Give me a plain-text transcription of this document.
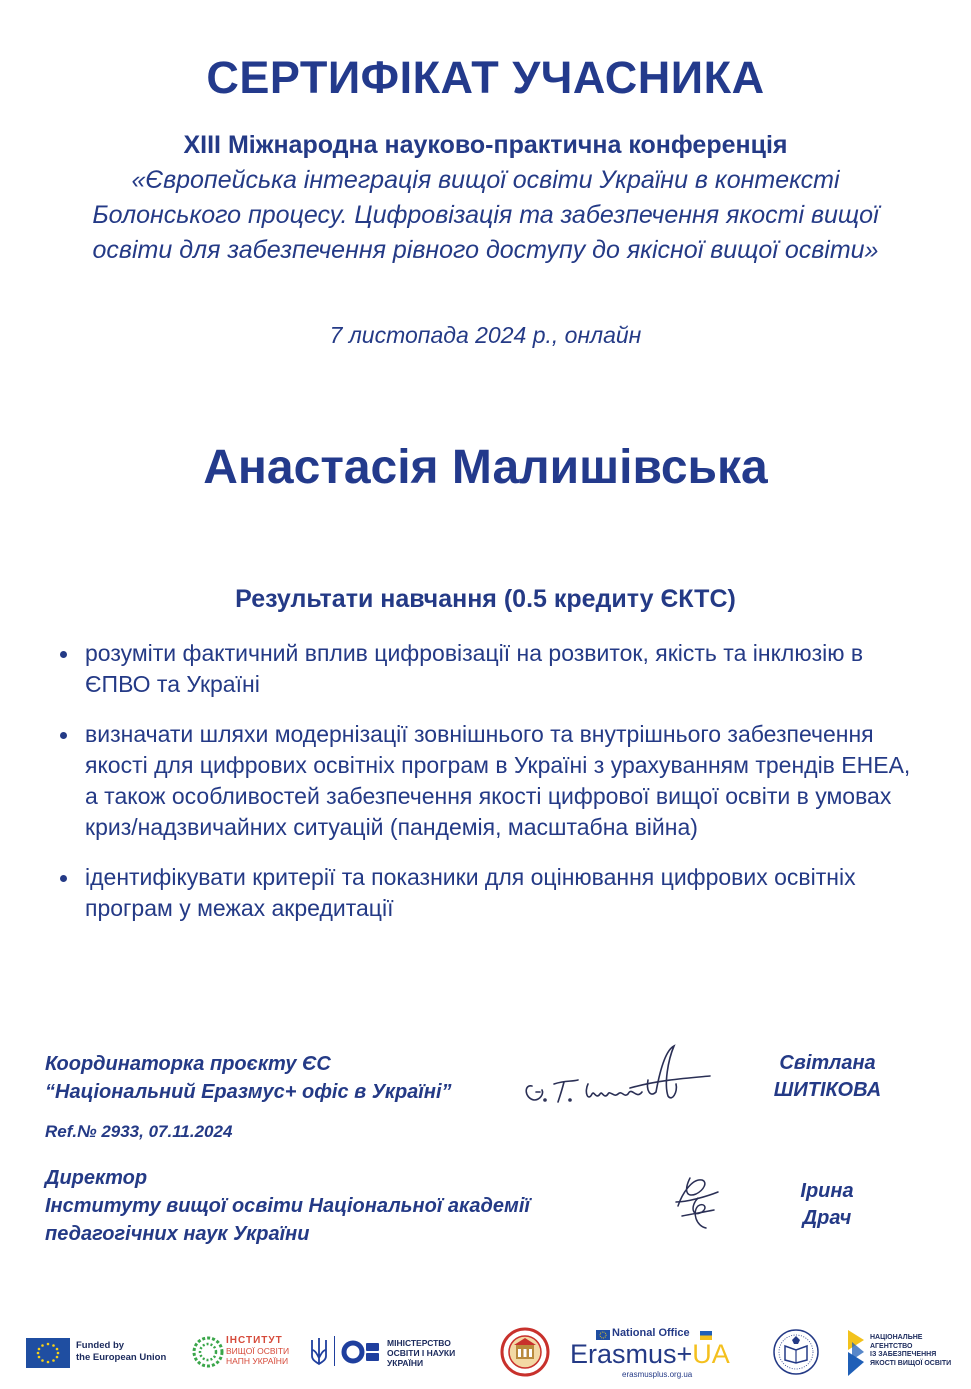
СЕРТИФІКАТ УЧАСНИКА
XIII Міжнародна науково-практична конференція
«Європейська інтеграція вищої освіти України в контексті Болонського процесу. Цифровізація та забезпечення якості вищої освіти для забезпечення рівного доступу до якісної вищої освіти»
7 листопада 2024 р., онлайн
Анастасія Малишівська
Результати навчання (0.5 кредиту ЄКТС)
розуміти фактичний вплив цифровізації на розвиток, якість та інклюзію в ЄПВО та Україні
визначати шляхи модернізації зовнішнього та внутрішнього забезпечення якості для цифрових освітніх програм в Україні з урахуванням трендів EHEA, а також особливостей забезпечення якості цифрової вищої освіти в умовах криз/надзвичайних ситуацій (пандемія, масштабна війна)
ідентифікувати критерії та показники для оцінювання цифрових освітніх програм у межах акредитації
Координаторка проєкту ЄС
“Національний Еразмус+ офіс в Україні”
Світлана
ШИТІКОВА
Ref.№ 2933, 07.11.2024
Директор
Інституту вищої освіти Національної академії
педагогічних наук України
Ірина
Драч
Funded by
the European Union
ІНСТИТУТ
ВИЩОЇ ОСВІТИ
НАПН УКРАЇНИ
МІНІСТЕРСТВО
ОСВІТИ І НАУКИ
УКРАЇНИ
National Office
Erasmus+UA
erasmusplus.org.ua
НАЦІОНАЛЬНЕ
АГЕНТСТВО
ІЗ ЗАБЕЗПЕЧЕННЯ
ЯКОСТІ ВИЩОЇ ОСВІТИ
